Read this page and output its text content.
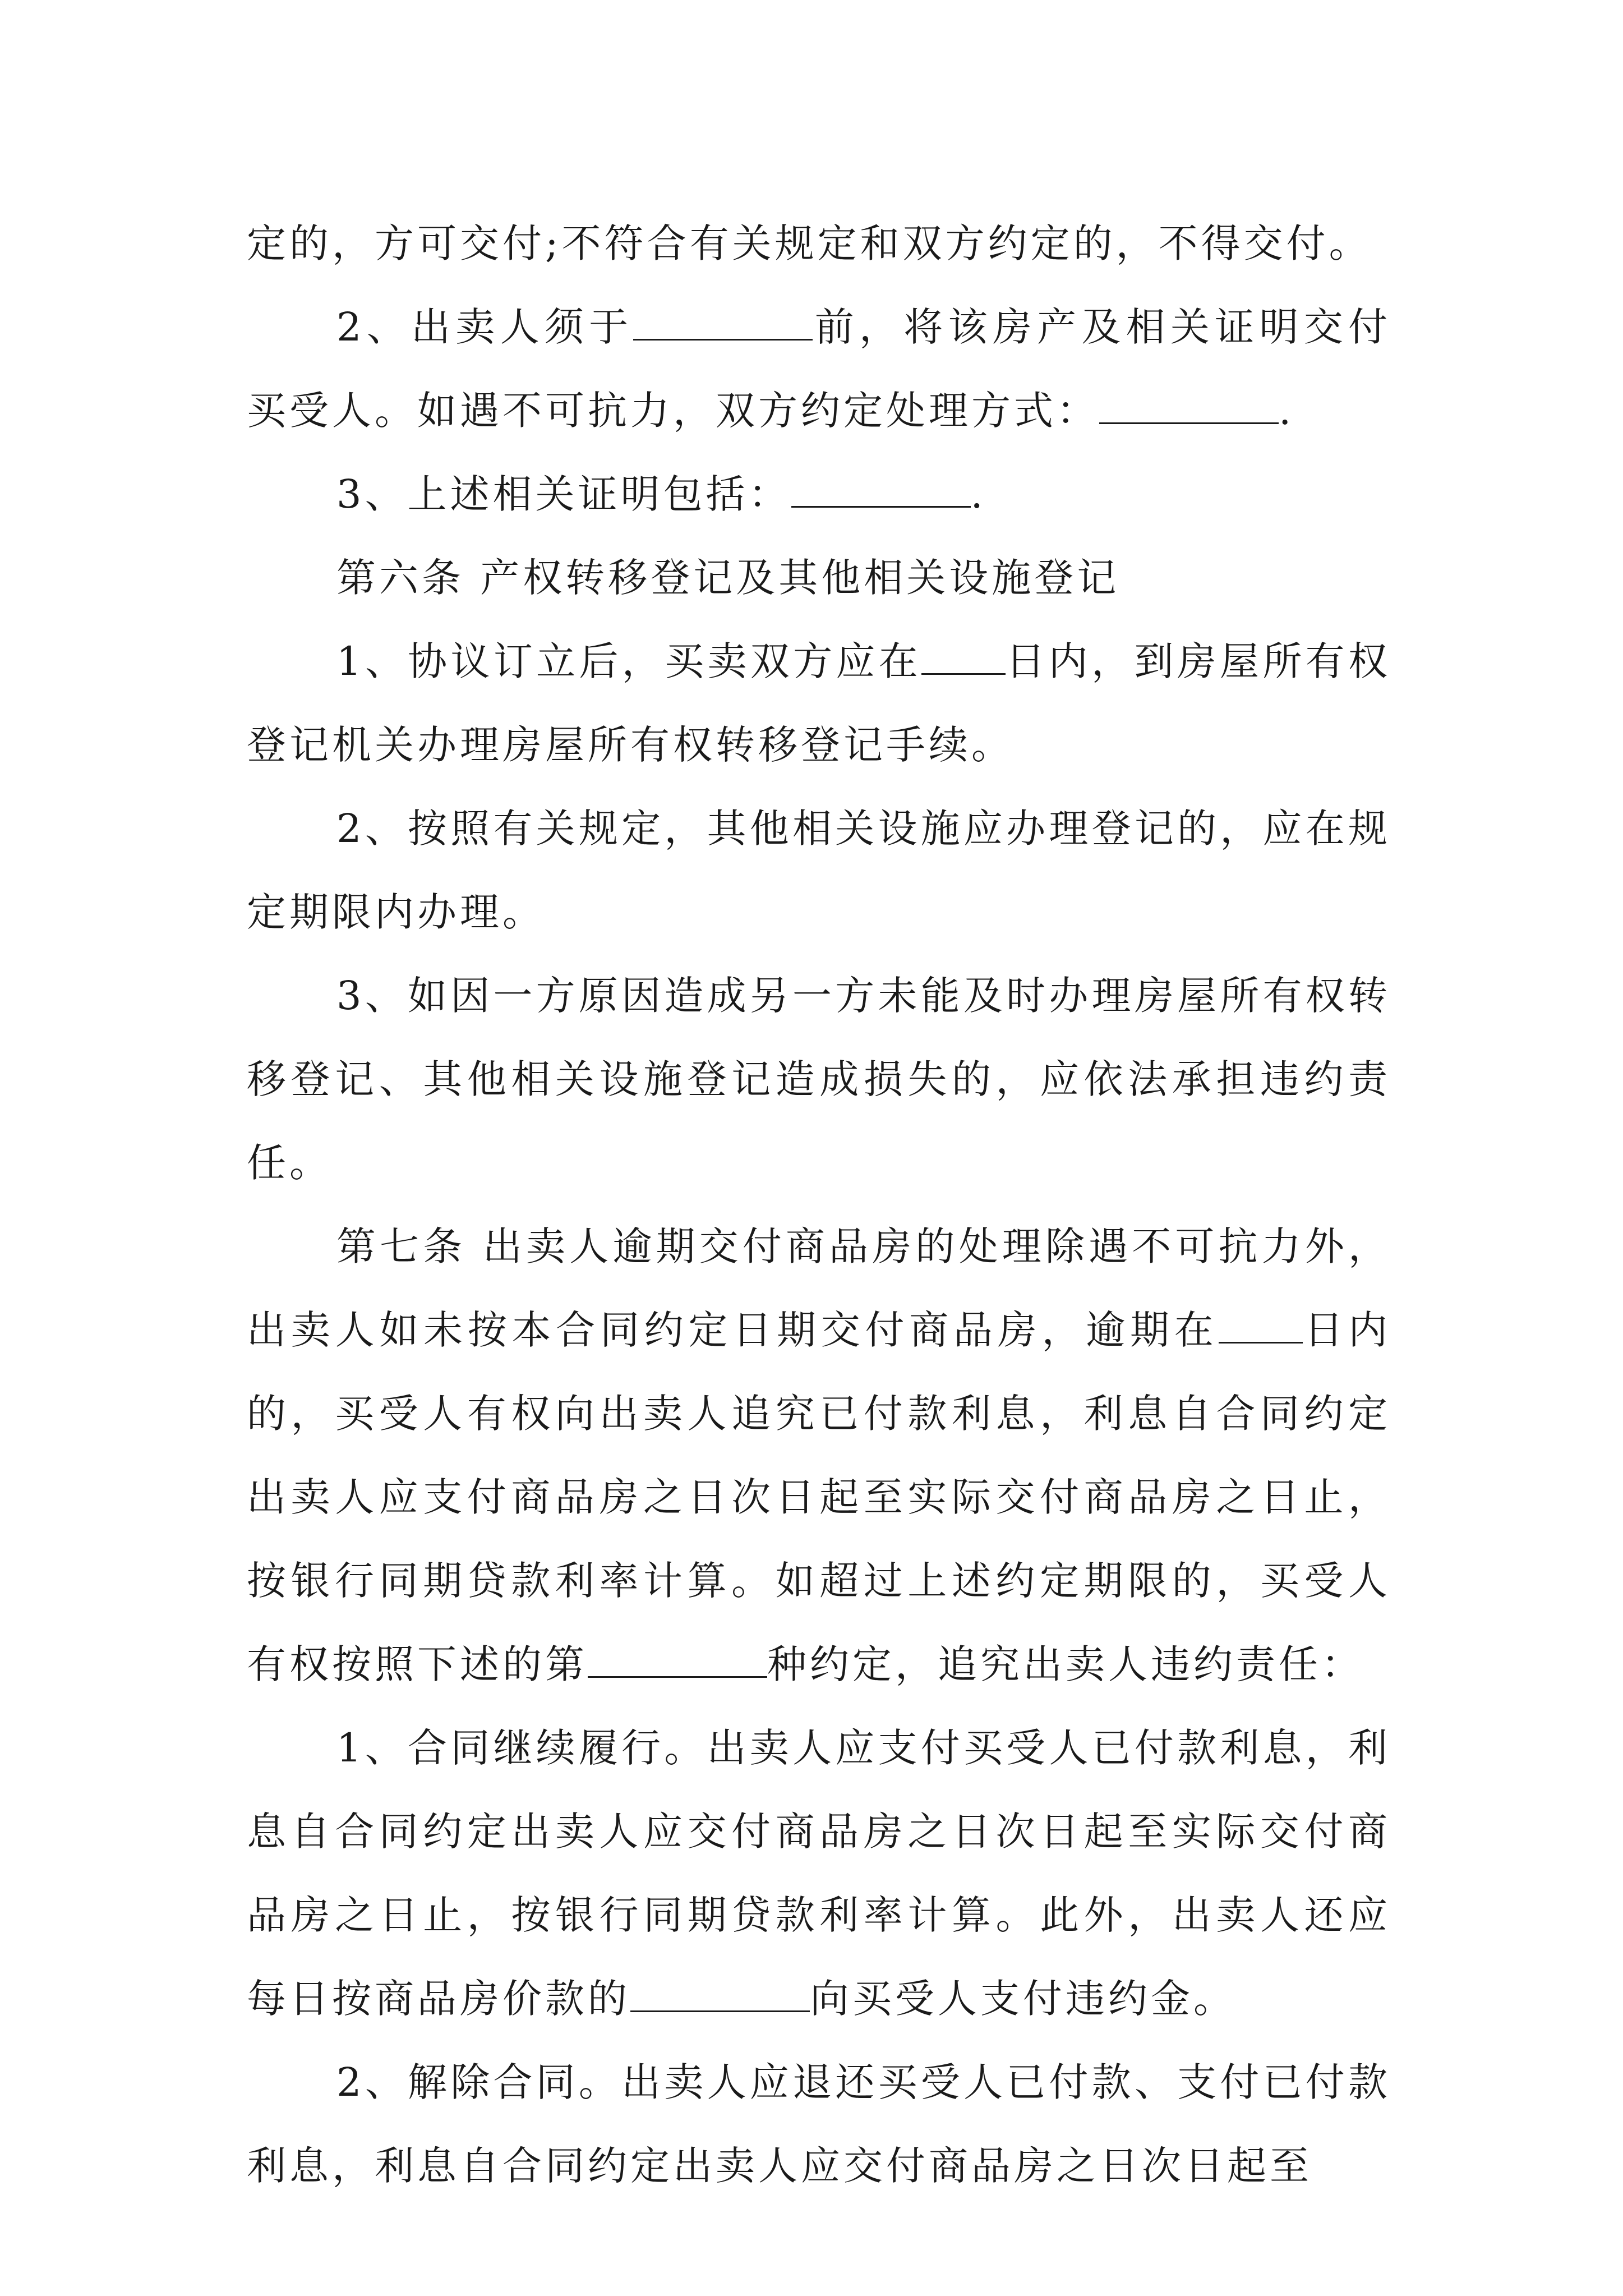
定的，方可交付;不符合有关规定和双方约定的，不得交付。

2、出卖人须于	前，将该房产及相关证明交付买受人。如遇不可抗力，双方约定处理方式：	.

3、上述相关证明包括：	.

第六条 产权转移登记及其他相关设施登记

1、协议订立后，买卖双方应在 日内，到房屋所有权登记机关办理房屋所有权转移登记手续。

2、按照有关规定，其他相关设施应办理登记的，应在规定期限内办理。

3、如因一方原因造成另一方未能及时办理房屋所有权转移登记、其他相关设施登记造成损失的，应依法承担违约责任。

第七条 出卖人逾期交付商品房的处理除遇不可抗力外，出卖人如未按本合同约定日期交付商品房，逾期在 日内的，买受人有权向出卖人追究已付款利息，利息自合同约定出卖人应支付商品房之日次日起至实际交付商品房之日止，按银行同期贷款利率计算。如超过上述约定期限的，买受人有权按照下述的第	种约定，追究出卖人违约责任：

1、合同继续履行。出卖人应支付买受人已付款利息，利息自合同约定出卖人应交付商品房之日次日起至实际交付商品房之日止，按银行同期贷款利率计算。此外，出卖人还应每日按商品房价款的	向买受人支付违约金。

2、解除合同。出卖人应退还买受人已付款、支付已付款利息，利息自合同约定出卖人应交付商品房之日次日起至
